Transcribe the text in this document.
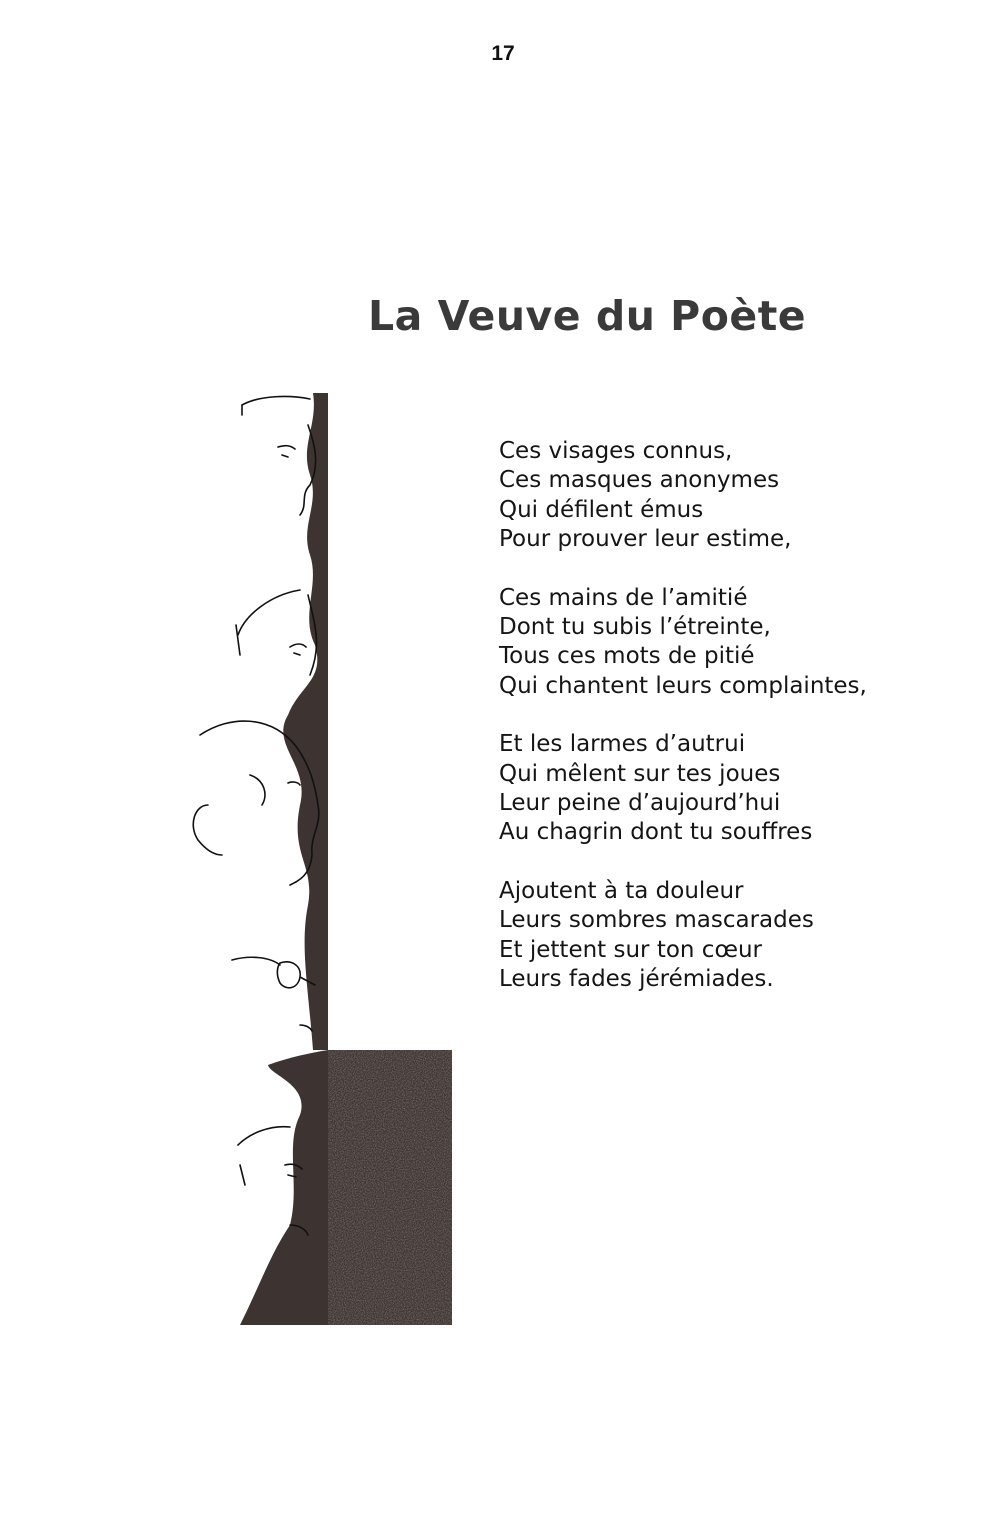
17
La Veuve du Poète
Ces visages connus,
Ces masques anonymes
Qui défilent émus
Pour prouver leur estime,
Ces mains de l’amitié
Dont tu subis l’étreinte,
Tous ces mots de pitié
Qui chantent leurs complaintes,
Et les larmes d’autrui
Qui mêlent sur tes joues
Leur peine d’aujourd’hui
Au chagrin dont tu souffres
Ajoutent à ta douleur
Leurs sombres mascarades
Et jettent sur ton cœur
Leurs fades jérémiades.
